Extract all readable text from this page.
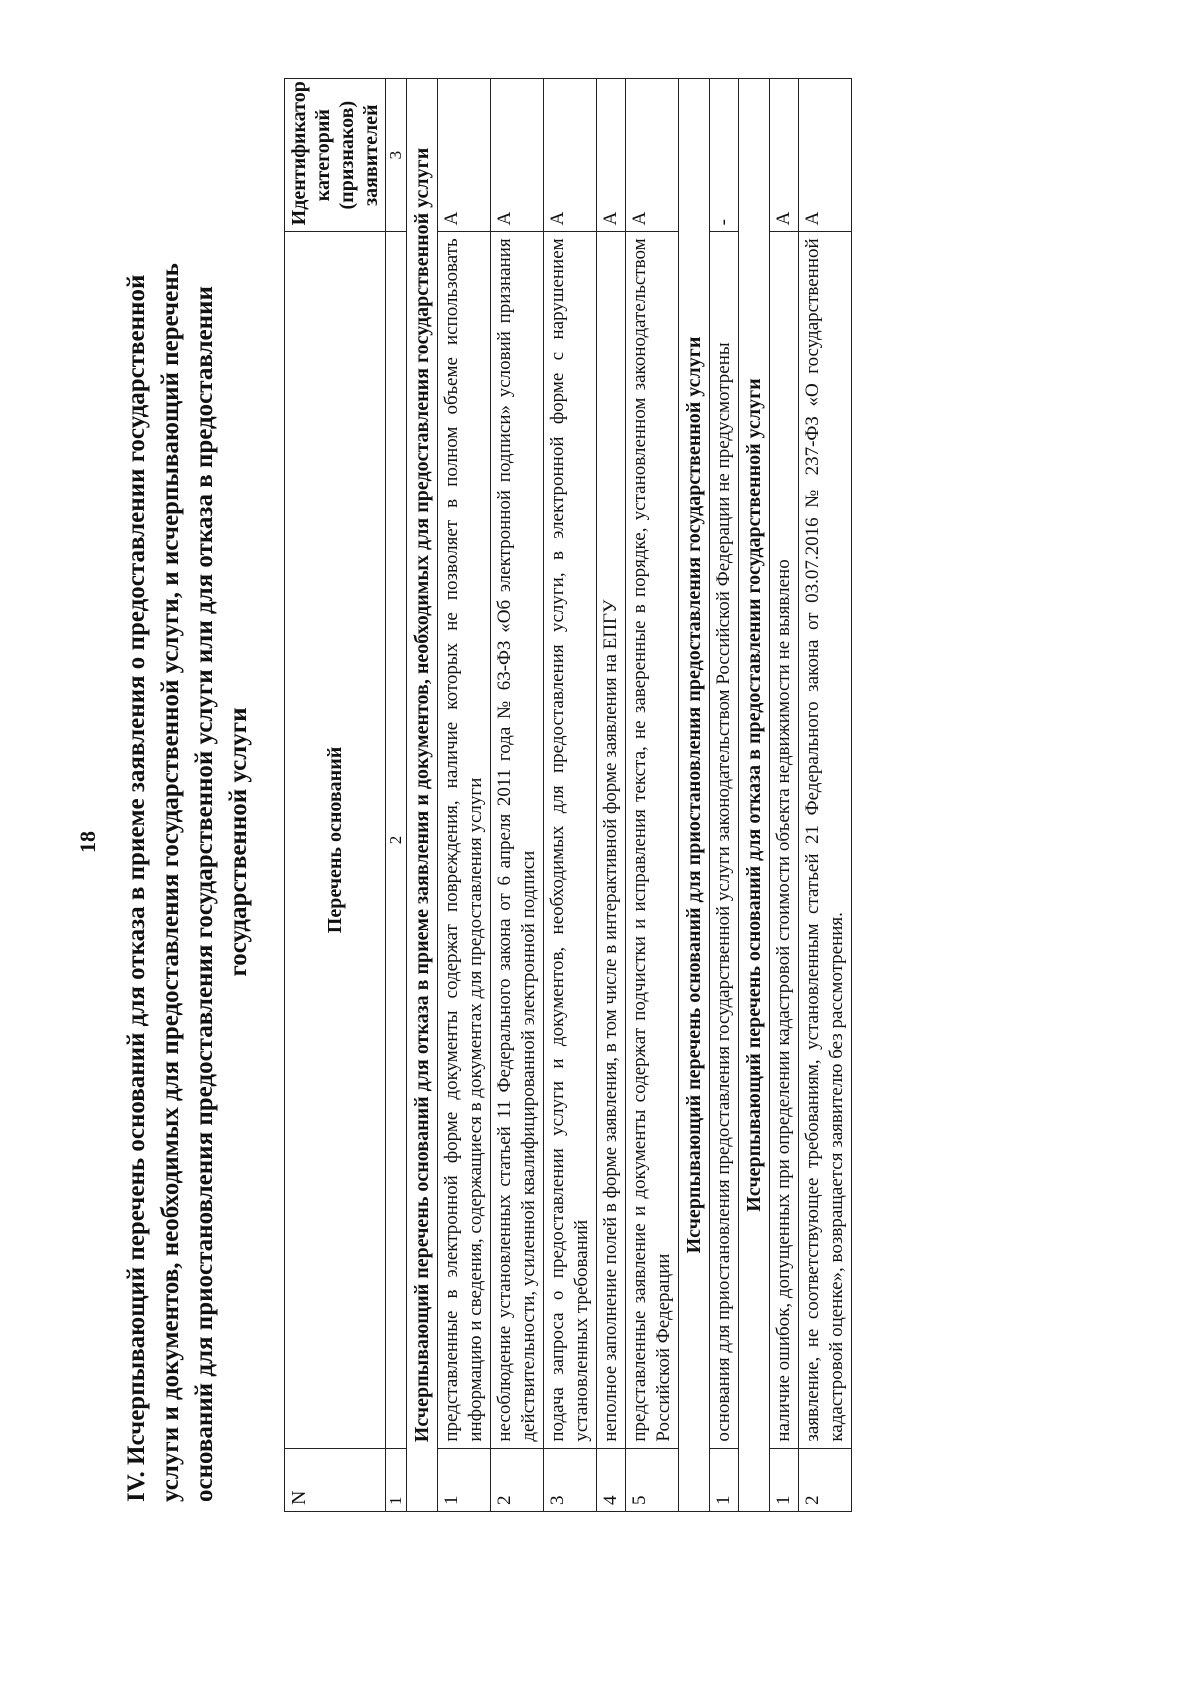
18 IV. Исчерпывающий перечень оснований для отказа в приеме заявления о предоставлении государственной услуги и документов, необходимых для предоставления государственной услуги, и исчерпывающий перечень оснований для приостановления предоставления государственной услуги или для отказа в предоставлении государственной услуги
N	Перечень оснований	Идентификатор категорий (признаков) заявителей
1	2	3
Исчерпывающий перечень оснований для отказа в приеме заявления и документов, необходимых для предоставления государственной услуги		
1	представленные в электронной форме документы содержат повреждения, наличие которых не позволяет в полном объеме использовать информацию и сведения, содержащиеся в документах для предоставления услуги	А
2	несоблюдение установленных статьей 11 Федерального закона от 6 апреля 2011 года № 63-ФЗ «Об электронной подписи» условий признания действительности, усиленной квалифицированной электронной подписи	А
3	подача запроса о предоставлении услуги и документов, необходимых для предоставления услуги, в электронной форме с нарушением установленных требований	А
4	неполное заполнение полей в форме заявления, в том числе в интерактивной форме заявления на ЕПГУ	А
5	представленные заявление и документы содержат подчистки и исправления текста, не заверенные в порядке, установленном законодательством Российской Федерации	А
Исчерпывающий перечень оснований для приостановления предоставления государственной услуги		
1	основания для приостановления предоставления государственной услуги законодательством Российской Федерации не предусмотрены	-
Исчерпывающий перечень оснований для отказа в предоставлении государственной услуги		
1	наличие ошибок, допущенных при определении кадастровой стоимости объекта недвижимости не выявлено	А
2	заявление, не соответствующее требованиям, установленным статьей 21 Федерального закона от 03.07.2016 № 237-ФЗ «О государственной кадастровой оценке», возвращается заявителю без рассмотрения.	А
